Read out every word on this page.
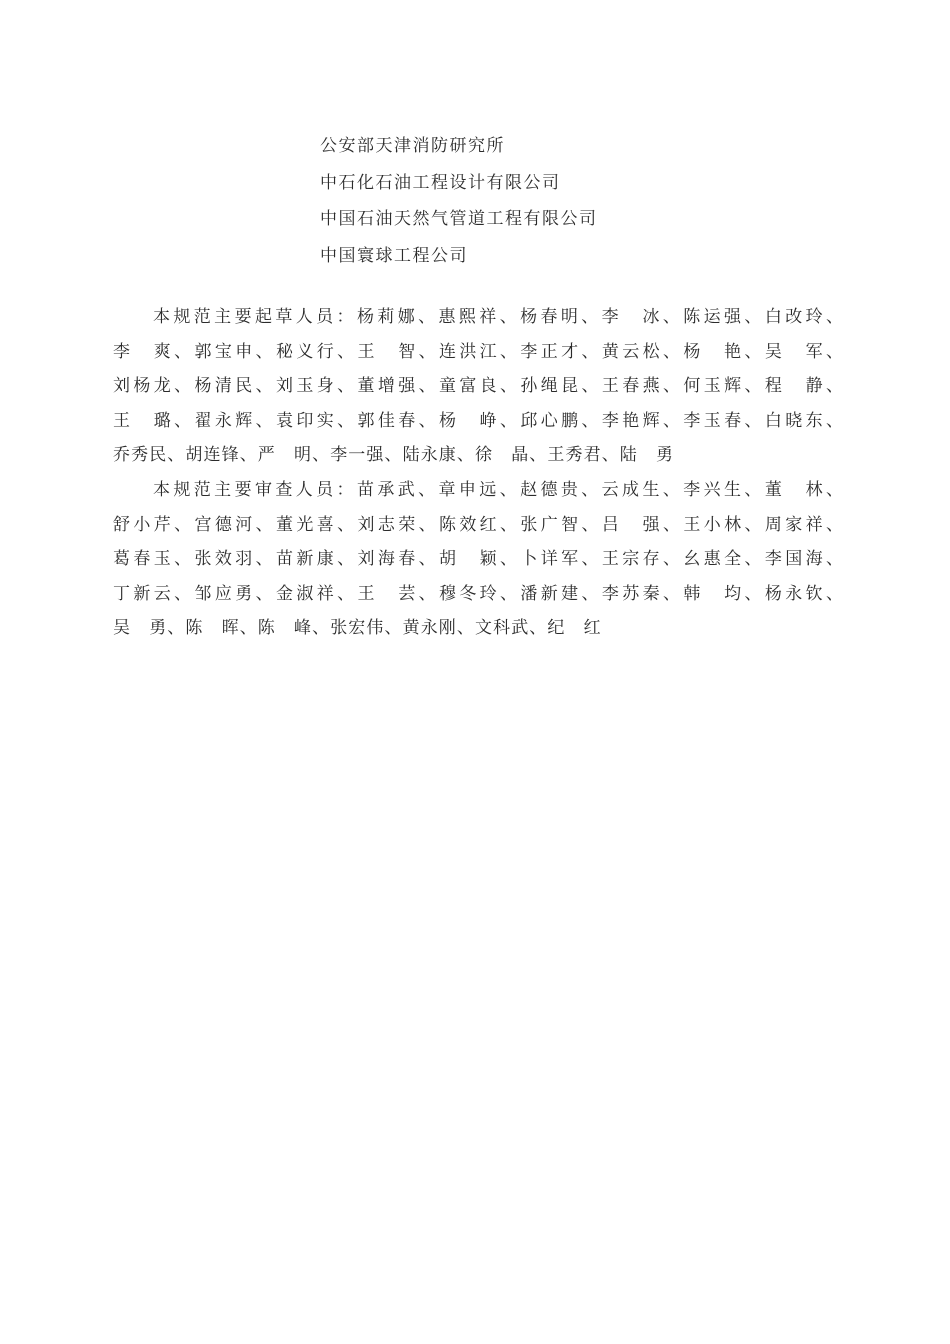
公安部天津消防研究所
中石化石油工程设计有限公司
中国石油天然气管道工程有限公司
中国寰球工程公司
本规范主要起草人员：杨莉娜、惠熙祥、杨春明、李　冰、陈运强、白改玲、
李　爽、郭宝申、秘义行、王　智、连洪江、李正才、黄云松、杨　艳、吴　军、
刘杨龙、杨清民、刘玉身、董增强、童富良、孙绳昆、王春燕、何玉辉、程　静、
王　璐、翟永辉、袁印实、郭佳春、杨　峥、邱心鹏、李艳辉、李玉春、白晓东、
乔秀民、胡连锋、严　明、李一强、陆永康、徐　晶、王秀君、陆　勇
本规范主要审查人员：苗承武、章申远、赵德贵、云成生、李兴生、董　林、
舒小芹、宫德河、董光喜、刘志荣、陈效红、张广智、吕　强、王小林、周家祥、
葛春玉、张效羽、苗新康、刘海春、胡　颖、卜详军、王宗存、幺惠全、李国海、
丁新云、邹应勇、金淑祥、王　芸、穆冬玲、潘新建、李苏秦、韩　均、杨永钦、
吴　勇、陈　晖、陈　峰、张宏伟、黄永刚、文科武、纪　红
